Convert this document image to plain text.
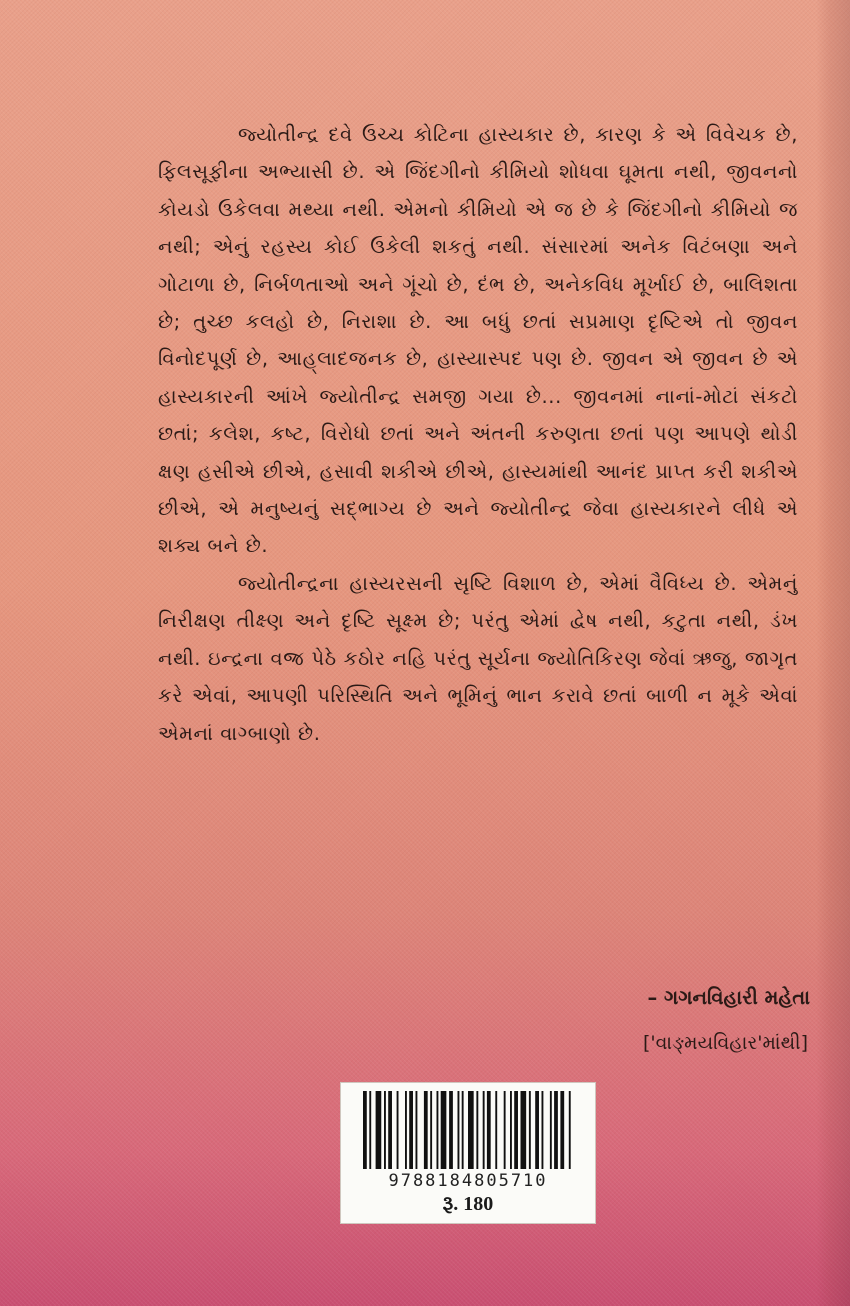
જ્યોતીન્દ્ર દવે ઉચ્ચ કોટિના હાસ્યકાર છે, કારણ કે એ વિવેચક છે, ફિલસૂફીના અભ્યાસી છે. એ જિંદગીનો કીમિયો શોધવા ઘૂમતા નથી, જીવનનો કોયડો ઉકેલવા મથ્યા નથી. એમનો કીમિયો એ જ છે કે જિંદગીનો કીમિયો જ નથી; એનું રહસ્ય કોઈ ઉકેલી શકતું નથી. સંસારમાં અનેક વિટંબણા અને ગોટાળા છે, નિર્બળતાઓ અને ગૂંચો છે, દંભ છે, અનેકવિધ મૂર્ખાઈ છે, બાલિશતા છે; તુચ્છ કલહો છે, નિરાશા છે. આ બધું છતાં સપ્રમાણ દૃષ્ટિએ તો જીવન વિનોદપૂર્ણ છે, આહ્‌લાદજનક છે, હાસ્યાસ્પદ પણ છે. જીવન એ જીવન છે એ હાસ્યકારની આંખે જ્યોતીન્દ્ર સમજી ગયા છે... જીવનમાં નાનાં-મોટાં સંકટો છતાં; કલેશ, કષ્ટ, વિરોધો છતાં અને અંતની કરુણતા છતાં પણ આપણે થોડી ક્ષણ હસીએ છીએ, હસાવી શકીએ છીએ, હાસ્યમાંથી આનંદ પ્રાપ્ત કરી શકીએ છીએ, એ મનુષ્યનું સદ્‌ભાગ્ય છે અને જ્યોતીન્દ્ર જેવા હાસ્યકારને લીધે એ શક્ય બને છે.

જ્યોતીન્દ્રના હાસ્યરસની સૃષ્ટિ વિશાળ છે, એમાં વૈવિધ્ય છે. એમનું નિરીક્ષણ તીક્ષ્ણ અને દૃષ્ટિ સૂક્ષ્મ છે; પરંતુ એમાં દ્વેષ નથી, કટુતા નથી, ડંખ નથી. ઇન્દ્રના વજ્ર પેઠે કઠોર નહિ પરંતુ સૂર્યના જ્યોતિકિરણ જેવાં ઋજુ, જાગૃત કરે એવાં, આપણી પરિસ્થિતિ અને ભૂમિનું ભાન કરાવે છતાં બાળી ન મૂકે એવાં એમનાં વાગ્બાણો છે.

– ગગનવિહારી મહેતા
['વાઙ્‌મયવિહાર'માંથી]
9788184805710
રૂ. 180
